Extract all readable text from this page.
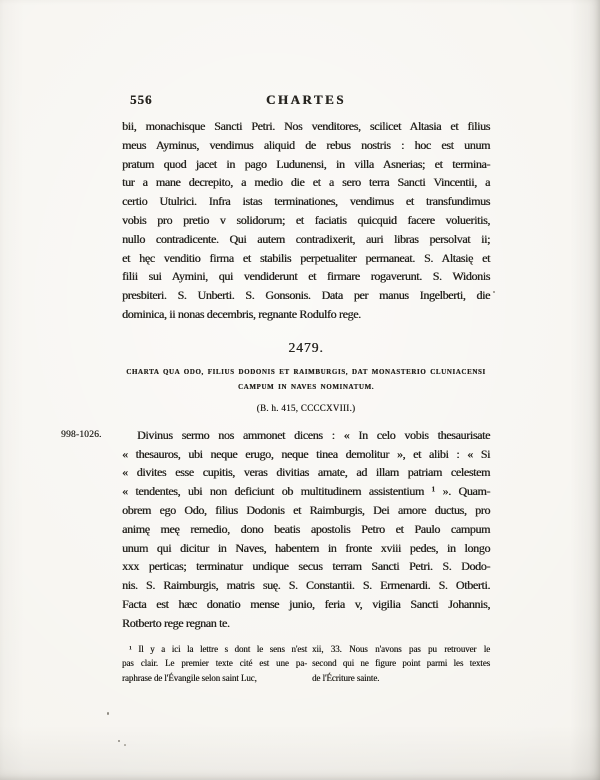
556	CHARTES
bii, monachisque Sancti Petri. Nos venditores, scilicet Altasia et filius
meus Ayminus, vendimus aliquid de rebus nostris : hoc est unum
pratum quod jacet in pago Ludunensi, in villa Asnerias; et termina-
tur a mane decrepito, a medio die et a sero terra Sancti Vincentii, a
certio Utulrici. Infra istas terminationes, vendimus et transfundimus
vobis pro pretio v solidorum; et faciatis quicquid facere volueritis,
nullo contradicente. Qui autem contradixerit, auri libras persolvat ii;
et hęc venditio firma et stabilis perpetualiter permaneat. S. Altasię et
filii sui Aymini, qui vendiderunt et firmare rogaverunt. S. Widonis
presbiteri. S. Unberti. S. Gonsonis. Data per manus Ingelberti, die
dominica, ii nonas decembris, regnante Rodulfo rege.
2479.
CHARTA QUA ODO, FILIUS DODONIS ET RAIMBURGIS, DAT MONASTERIO CLUNIACENSI
CAMPUM IN NAVES NOMINATUM.
(B. h. 415, CCCCXVIII.)
998-1026.	Divinus sermo nos ammonet dicens : « In celo vobis thesaurisate
« thesauros, ubi neque erugo, neque tinea demolitur », et alibi : « Si
« divites esse cupitis, veras divitias amate, ad illam patriam celestem
« tendentes, ubi non deficiunt ob multitudinem assistentium ¹ ». Quam-
obrem ego Odo, filius Dodonis et Raimburgis, Dei amore ductus, pro
animę meę remedio, dono beatis apostolis Petro et Paulo campum
unum qui dicitur in Naves, habentem in fronte xviii pedes, in longo
xxx perticas; terminatur undique secus terram Sancti Petri. S. Dodo-
nis. S. Raimburgis, matris suę. S. Constantii. S. Ermenardi. S. Otberti.
Facta est hæc donatio mense junio, feria v, vigilia Sancti Johannis,
Rotberto rege regnan te.
¹ Il y a ici la lettre s dont le sens n'est
pas clair. Le premier texte cité est une pa-
raphrase de l'Évangile selon saint Luc,
xii, 33. Nous n'avons pas pu retrouver le
second qui ne figure point parmi les textes
de l'Écriture sainte.
